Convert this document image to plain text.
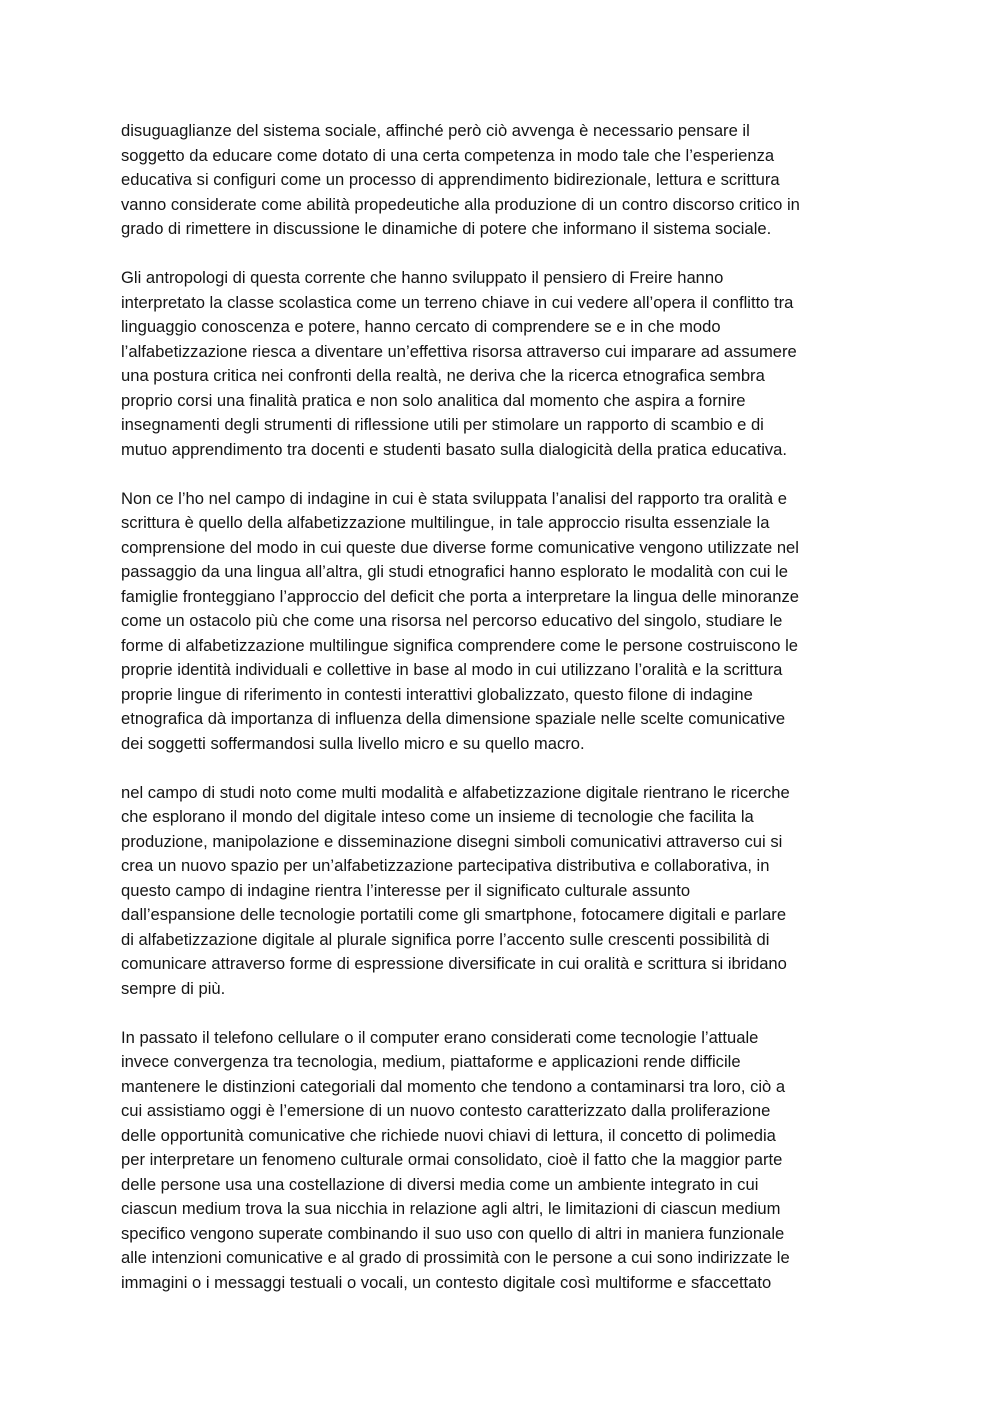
disuguaglianze del sistema sociale, affinché però ciò avvenga è necessario pensare il
soggetto da educare come dotato di una certa competenza in modo tale che l’esperienza
educativa si configuri come un processo di apprendimento bidirezionale, lettura e scrittura
vanno considerate come abilità propedeutiche alla produzione di un contro discorso critico in
grado di rimettere in discussione le dinamiche di potere che informano il sistema sociale.

Gli antropologi di questa corrente che hanno sviluppato il pensiero di Freire hanno
interpretato la classe scolastica come un terreno chiave in cui vedere all’opera il conflitto tra
linguaggio conoscenza e potere, hanno cercato di comprendere se e in che modo
l’alfabetizzazione riesca a diventare un’effettiva risorsa attraverso cui imparare ad assumere
una postura critica nei confronti della realtà, ne deriva che la ricerca etnografica sembra
proprio corsi una finalità pratica e non solo analitica dal momento che aspira a fornire
insegnamenti degli strumenti di riflessione utili per stimolare un rapporto di scambio e di
mutuo apprendimento tra docenti e studenti basato sulla dialogicità della pratica educativa.

Non ce l’ho nel campo di indagine in cui è stata sviluppata l’analisi del rapporto tra oralità e
scrittura è quello della alfabetizzazione multilingue, in tale approccio risulta essenziale la
comprensione del modo in cui queste due diverse forme comunicative vengono utilizzate nel
passaggio da una lingua all’altra, gli studi etnografici hanno esplorato le modalità con cui le
famiglie fronteggiano l’approccio del deficit che porta a interpretare la lingua delle minoranze
come un ostacolo più che come una risorsa nel percorso educativo del singolo, studiare le
forme di alfabetizzazione multilingue significa comprendere come le persone costruiscono le
proprie identità individuali e collettive in base al modo in cui utilizzano l’oralità e la scrittura
proprie lingue di riferimento in contesti interattivi globalizzato, questo filone di indagine
etnografica dà importanza di influenza della dimensione spaziale nelle scelte comunicative
dei soggetti soffermandosi sulla livello micro e su quello macro.

nel campo di studi noto come multi modalità e alfabetizzazione digitale rientrano le ricerche
che esplorano il mondo del digitale inteso come un insieme di tecnologie che facilita la
produzione, manipolazione e disseminazione disegni simboli comunicativi attraverso cui si
crea un nuovo spazio per un’alfabetizzazione partecipativa distributiva e collaborativa, in
questo campo di indagine rientra l’interesse per il significato culturale assunto
dall’espansione delle tecnologie portatili come gli smartphone, fotocamere digitali e parlare
di alfabetizzazione digitale al plurale significa porre l’accento sulle crescenti possibilità di
comunicare attraverso forme di espressione diversificate in cui oralità e scrittura si ibridano
sempre di più.

In passato il telefono cellulare o il computer erano considerati come tecnologie l’attuale
invece convergenza tra tecnologia, medium, piattaforme e applicazioni rende difficile
mantenere le distinzioni categoriali dal momento che tendono a contaminarsi tra loro, ciò a
cui assistiamo oggi è l’emersione di un nuovo contesto caratterizzato dalla proliferazione
delle opportunità comunicative che richiede nuovi chiavi di lettura, il concetto di polimedia
per interpretare un fenomeno culturale ormai consolidato, cioè il fatto che la maggior parte
delle persone usa una costellazione di diversi media come un ambiente integrato in cui
ciascun medium trova la sua nicchia in relazione agli altri, le limitazioni di ciascun medium
specifico vengono superate combinando il suo uso con quello di altri in maniera funzionale
alle intenzioni comunicative e al grado di prossimità con le persone a cui sono indirizzate le
immagini o i messaggi testuali o vocali, un contesto digitale così multiforme e sfaccettato
